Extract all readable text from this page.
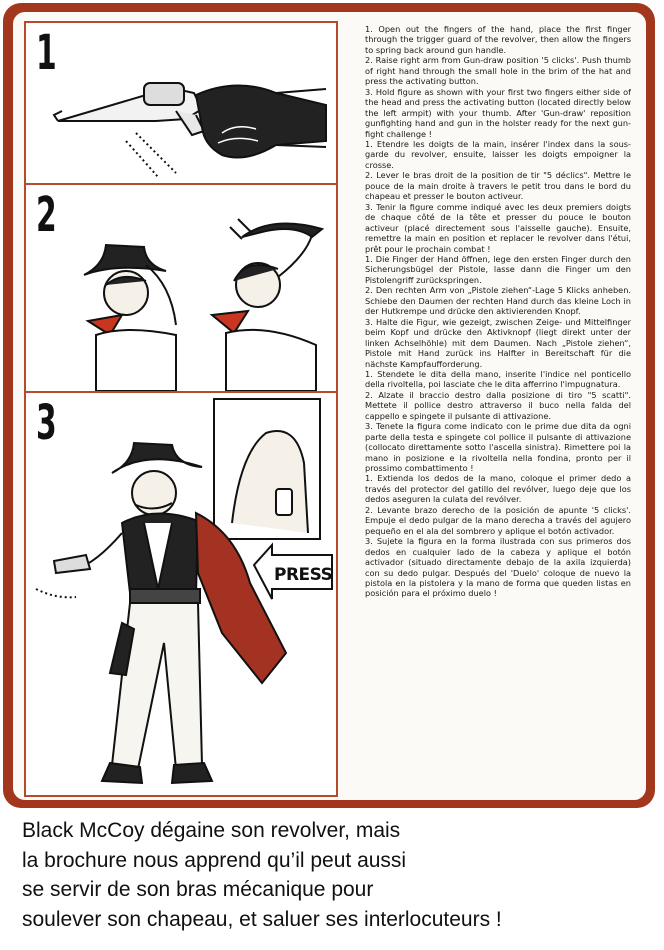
1
2
3
PRESS

1. Open out the fingers of the hand, place the first finger through the trigger guard of the revolver, then allow the fingers to spring back around gun handle.

2. Raise right arm from Gun-draw position '5 clicks'. Push thumb of right hand through the small hole in the brim of the hat and press the activating button.

3. Hold figure as shown with your first two fingers either side of the head and press the activating button (located directly below the left armpit) with your thumb. After 'Gun-draw' reposition gunfighting hand and gun in the holster ready for the next gun-fight challenge !

1. Etendre les doigts de la main, insérer l'index dans la sous-garde du revolver, ensuite, laisser les doigts empoigner la crosse.

2. Lever le bras droit de la position de tir "5 déclics". Mettre le pouce de la main droite à travers le petit trou dans le bord du chapeau et presser le bouton activeur.

3. Tenir la figure comme indiqué avec les deux premiers doigts de chaque côté de la tête et presser du pouce le bouton activeur (placé directement sous l'aisselle gauche). Ensuite, remettre la main en position et replacer le revolver dans l'étui, prêt pour le prochain combat !

1. Die Finger der Hand öffnen, lege den ersten Finger durch den Sicherungsbügel der Pistole, lasse dann die Finger um den Pistolengriff zurückspringen.

2. Den rechten Arm von „Pistole ziehen“-Lage 5 Klicks anheben. Schiebe den Daumen der rechten Hand durch das kleine Loch in der Hutkrempe und drücke den aktivierenden Knopf.

3. Halte die Figur, wie gezeigt, zwischen Zeige- und Mittelfinger beim Kopf und drücke den Aktivknopf (liegt direkt unter der linken Achselhöhle) mit dem Daumen. Nach „Pistole ziehen“, Pistole mit Hand zurück ins Halfter in Bereitschaft für die nächste Kampfaufforderung.

1. Stendete le dita della mano, inserite l'indice nel ponticello della rivoltella, poi lasciate che le dita afferrino l'impugnatura.

2. Alzate il braccio destro dalla posizione di tiro "5 scatti". Mettete il pollice destro attraverso il buco nella falda del cappello e spingete il pulsante di attivazione.

3. Tenete la figura come indicato con le prime due dita da ogni parte della testa e spingete col pollice il pulsante di attivazione (collocato direttamente sotto l'ascella sinistra). Rimettere poi la mano in posizione e la rivoltella nella fondina, pronto per il prossimo combattimento !

1. Extienda los dedos de la mano, coloque el primer dedo a través del protector del gatillo del revólver, luego deje que los dedos aseguren la culata del revólver.

2. Levante brazo derecho de la posición de apunte '5 clicks'. Empuje el dedo pulgar de la mano derecha a través del agujero pequeño en el ala del sombrero y aplique el botón activador.

3. Sujete la figura en la forma ilustrada con sus primeros dos dedos en cualquier lado de la cabeza y aplique el botón activador (situado directamente debajo de la axila izquierda) con su dedo pulgar. Después del 'Duelo' coloque de nuevo la pistola en la pistolera y la mano de forma que queden listas en posición para el próximo duelo !

Black McCoy dégaine son revolver, mais
la brochure nous apprend qu’il peut aussi
se servir de son bras mécanique pour
soulever son chapeau, et saluer ses interlocuteurs !
